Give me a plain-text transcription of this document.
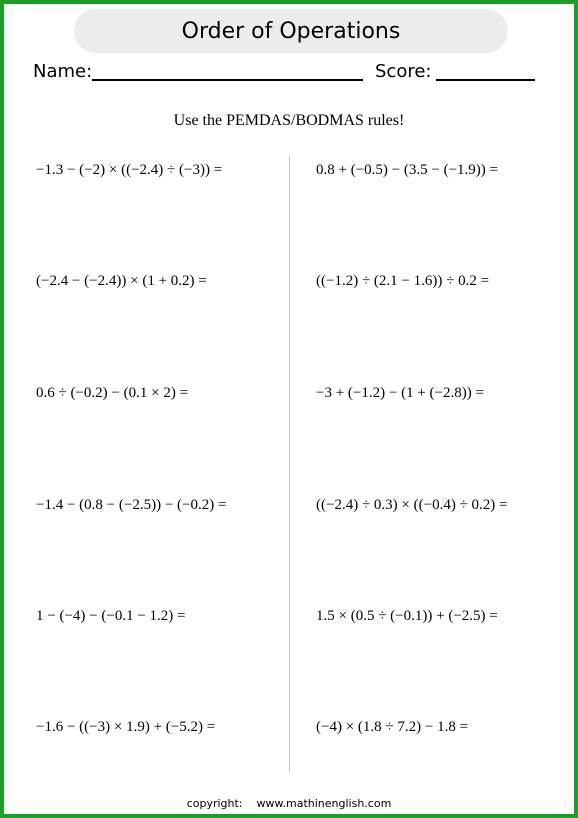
Order of Operations
Name:	Score:
Use the PEMDAS/BODMAS rules!
−1.3 − (−2) × ((−2.4) ÷ (−3)) =
(−2.4 − (−2.4)) × (1 + 0.2) =
0.6 ÷ (−0.2) − (0.1 × 2) =
−1.4 − (0.8 − (−2.5)) − (−0.2) =
1 − (−4) − (−0.1 − 1.2) =
−1.6 − ((−3) × 1.9) + (−5.2) =
0.8 + (−0.5) − (3.5 − (−1.9)) =
((−1.2) ÷ (2.1 − 1.6)) ÷ 0.2 =
−3 + (−1.2) − (1 + (−2.8)) =
((−2.4) ÷ 0.3) × ((−0.4) ÷ 0.2) =
1.5 × (0.5 ÷ (−0.1)) + (−2.5) =
(−4) × (1.8 ÷ 7.2) − 1.8 =
copyright: www.mathinenglish.com
